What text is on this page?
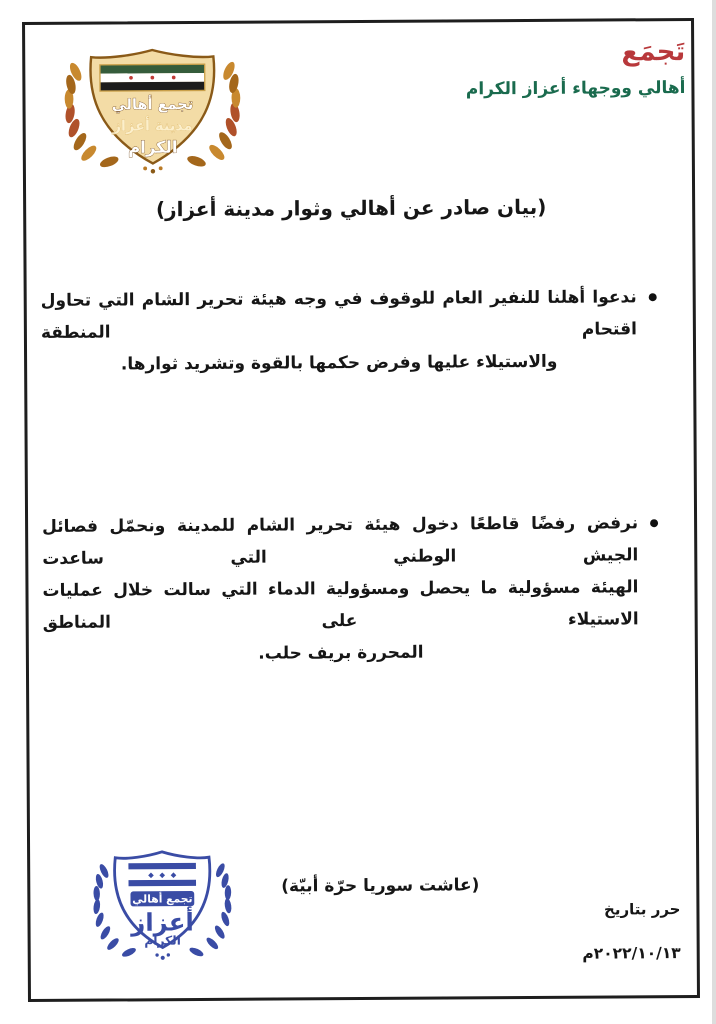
تجمع أهالي
مدينة أعزاز
الكرام
تَجمَع
أهالي ووجهاء أعزاز الكرام
(بيان صادر عن أهالي وثوار مدينة أعزاز)
ندعوا أهلنا للنفير العام للوقوف في وجه هيئة تحرير الشام التي تحاول اقتحام المنطقة
والاستيلاء عليها وفرض حكمها بالقوة وتشريد ثوارها.
نرفض رفضًا قاطعًا دخول هيئة تحرير الشام للمدينة ونحمّل فصائل الجيش الوطني التي ساعدت
الهيئة مسؤولية ما يحصل ومسؤولية الدماء التي سالت خلال عمليات الاستيلاء على المناطق
المحررة بريف حلب.
تجمع أهالي
أعزاز
الكرام
(عاشت سوريا حرّة أبيّة)
حرر بتاريخ
٢٠٢٢/١٠/١٣م
